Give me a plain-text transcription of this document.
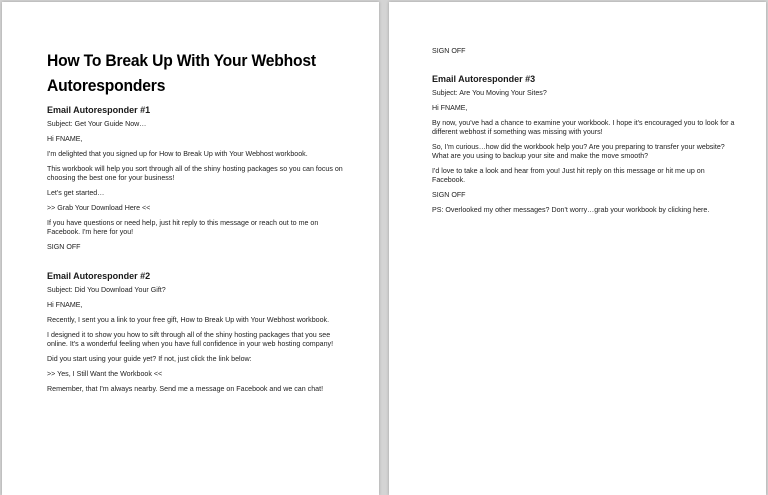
How To Break Up With Your Webhost Autoresponders
Email Autoresponder #1

Subject: Get Your Guide Now…

Hi FNAME,

I'm delighted that you signed up for How to Break Up with Your Webhost workbook.

This workbook will help you sort through all of the shiny hosting packages so you can focus on choosing the best one for your business!

Let's get started…

>> Grab Your Download Here <<

If you have questions or need help, just hit reply to this message or reach out to me on Facebook. I'm here for you!

SIGN OFF

Email Autoresponder #2

Subject: Did You Download Your Gift?

Hi FNAME,

Recently, I sent you a link to your free gift, How to Break Up with Your Webhost workbook.

I designed it to show you how to sift through all of the shiny hosting packages that you see online. It's a wonderful feeling when you have full confidence in your web hosting company!

Did you start using your guide yet? If not, just click the link below:

>> Yes, I Still Want the Workbook <<

Remember, that I'm always nearby. Send me a message on Facebook and we can chat!

SIGN OFF

Email Autoresponder #3

Subject: Are You Moving Your Sites?

Hi FNAME,

By now, you've had a chance to examine your workbook. I hope it's encouraged you to look for a different webhost if something was missing with yours!

So, I'm curious…how did the workbook help you? Are you preparing to transfer your website? What are you using to backup your site and make the move smooth?

I'd love to take a look and hear from you! Just hit reply on this message or hit me up on Facebook.

SIGN OFF

PS: Overlooked my other messages? Don't worry…grab your workbook by clicking here.
